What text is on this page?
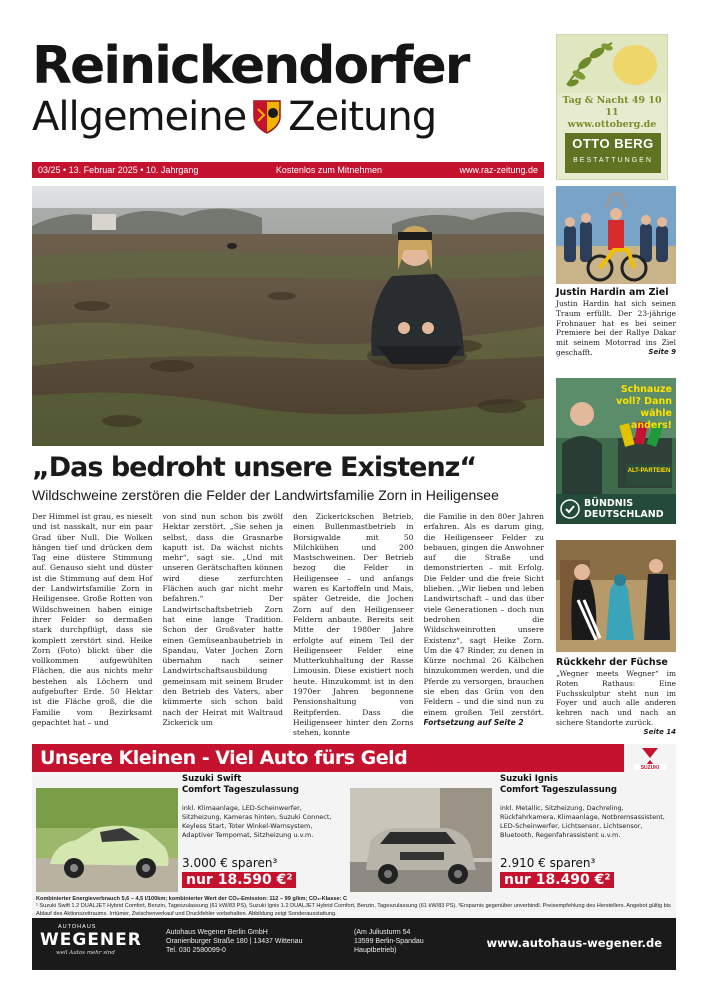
Reinickendorfer
Allgemeine Zeitung
03/25 • 13. Februar 2025 • 10. Jahrgang	Kostenlos zum Mitnehmen	www.raz-zeitung.de
Tag & Nacht 49 10 11
www.ottoberg.de
OTTO BERG
BESTATTUNGEN
„Das bedroht unsere Existenz“
Wildschweine zerstören die Felder der Landwirtsfamilie Zorn in Heiligensee
Der Himmel ist grau, es nieselt und ist nasskalt, nur ein paar Grad über Null. Die Wolken hängen tief und drücken dem Tag eine düstere Stimmung auf. Genauso sieht und düster ist die Stimmung auf dem Hof der Landwirtsfamilie Zorn in Heiligensee. Große Rotten von Wildschweinen haben einige ihrer Felder so dermaßen stark durchpflügt, dass sie komplett zerstört sind. Heike Zorn (Foto) blickt über die vollkommen aufgewühlten Flächen, die aus nichts mehr bestehen als Löchern und aufgebufter Erde. 50 Hektar ist die Fläche groß, die die Familie vom Bezirksamt gepachtet hat – und
von sind nun schon bis zwölf Hektar zerstört. „Sie sehen ja selbst, dass die Grasnarbe kaputt ist. Da wächst nichts mehr“, sagt sie. „Und mit unseren Gerätschaften können wird diese zerfurchten Flächen auch gar nicht mehr befahren.“ Der Landwirtschaftsbetrieb Zorn hat eine lange Tradition. Schon der Großvater hatte einen Gemüseanbaubetrieb in Spandau, Vater Jochen Zorn übernahm nach seiner Landwirtschaftsausbildung gemeinsam mit seinem Bruder den Betrieb des Vaters, aber kümmerte sich schon bald nach der Heirat mit Waltraud Zickerick um
den Zickerickschen Betrieb, einen Bullenmastbetrieb in Borsigwalde mit 50 Milchkühen und 200 Mastschweinen. Der Betrieb bezog die Felder in Heiligensee – und anfangs waren es Kartoffeln und Mais, später Getreide, die Jochen Zorn auf den Heiligenseer Feldern anbaute. Bereits seit Mitte der 1980er Jahre erfolgte auf einem Teil der Heiligenseer Felder eine Mutterkuhhaltung der Rasse Limousin. Diese existiert noch heute. Hinzukommt ist in den 1970er Jahren begonnene Pensionshaltung von Reitpferden. Dass die Heiligenseer hinter den Zorns stehen, konnte
die Familie in den 80er Jahren erfahren. Als es darum ging, die Heiligenseer Felder zu bebauen, gingen die Anwohner auf die Straße und demonstrierten – mit Erfolg. Die Felder und die freie Sicht blieben. „Wir lieben und leben Landwirtschaft – und das über viele Generationen – doch nun bedrohen die Wildschweinrotten unsere Existenz“, sagt Heike Zorn. Um die 47 Rinder, zu denen in Kürze nochmal 26 Kälbchen hinzukommen werden, und die Pferde zu versorgen, brauchen sie eben das Grün von den Feldern – und die sind nun zu einem großen Teil zerstört. Fortsetzung auf Seite 2
Justin Hardin am Ziel
Justin Hardin hat sich seinen Traum erfüllt. Der 23-jährige Frohnauer hat es bei seiner Premiere bei der Rallye Dakar mit seinem Motorrad ins Ziel geschafft.	Seite 9
Schnauze voll? Dann wähle anders!
ALT-PARTEIEN
BÜNDNIS
DEUTSCHLAND
Rückkehr der Füchse
„Wegner meets Wegner“ im Roten Rathaus: Eine Fuchsskulptur steht nun im Foyer und auch alle anderen kehren nach und nach an sichere Standorte zurück.
Seite 14
Unsere Kleinen - Viel Auto fürs Geld	SUZUKI
Suzuki Swift
Comfort Tageszulassung
inkl. Klimaanlage, LED-Scheinwerfer, Sitzheizung, Kameras hinten, Suzuki Connect, Keyless Start, Toter Winkel-Warnsystem, Adaptiver Tempomat, Sitzheizung u.v.m.
3.000 € sparen³
nur 18.590 €²
Suzuki Ignis
Comfort Tageszulassung
inkl. Metallic, Sitzheizung, Dachreling, Rückfahrkamera, Klimaanlage, Notbremsassistent, LED-Scheinwerfer, Lichtsensor, Lichtsensor, Bluetooth, Regenfahrassistent u.v.m.
2.910 € sparen³
nur 18.490 €²
Kombinierter Energieverbrauch 5,6 – 4,5 l/100km; kombinierter Wert der CO₂-Emission: 112 – 99 g/km; CO₂-Klasse: C
¹ Suzuki Swift 1.2 DUALJET Hybrid Comfort, Benzin, Tageszulassung (61 kW/83 PS), Suzuki Ignis 1.2 DUALJET Hybrid Comfort, Benzin, Tageszulassung (61 kW/83 PS). ³Ersparnis gegenüber unverbindl. Preisempfehlung des Herstellers. Angebot gültig bis Ablauf des Aktionszeitraums. Irrtümer, Zwischenverkauf und Druckfehler vorbehalten. Abbildung zeigt Sonderausstattung.
AUTOHAUS
WEGENER
weil Autos mehr sind
Autohaus Wegener Berlin GmbH
Oranienburger Straße 180 | 13437 Wittenau
Tel. 030 2580099-0
(Am Juliusturm 54
13599 Berlin-Spandau
Hauptbetrieb)
www.autohaus-wegener.de
